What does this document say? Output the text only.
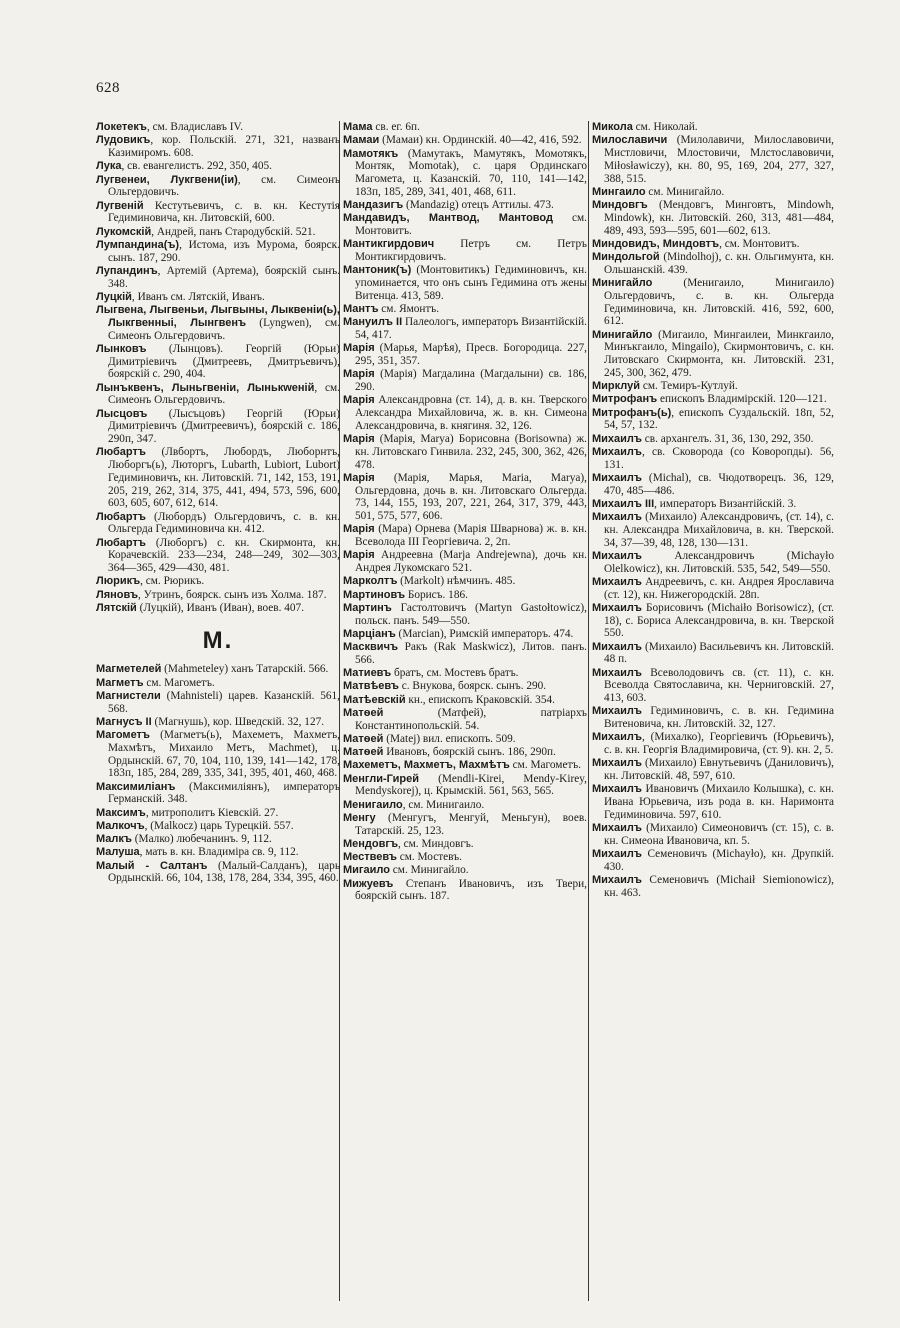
628
Локетекъ, см. Владиславъ IV.
Лудовикъ, кор. Польскій. 271, 321, названъ Казимиромъ. 608.
Лука, св. евангелистъ. 292, 350, 405.
Лугвенеи, Лукгвени(іи), см. Симеонъ Ольгердовичъ.
Лугвеній Кестутьевичъ, с. в. кн. Кестутія Гедиминовича, кн. Литовскій, 600.
Лукомскій, Андрей, панъ Стародубскій. 521.
Лумпандина(ъ), Истома, изъ Мурома, боярск. сынъ. 187, 290.
Лупандинъ, Артемій (Артема), боярскій сынъ. 348.
Луцкій, Иванъ см. Лятскій, Иванъ.
Лыгвена, Лыгвеньи, Лыгвыны, Лыквеніи(ь), Лыкгвенныі, Лынгвенъ (Lyngwen), см. Симеонъ Ольгердовичъ.
Лынковъ (Лынцовъ). Георгій (Юрьи) Димитріевичъ (Дмитреевъ, Дмитръевичъ), боярскій с. 290, 404.
Лынъквенъ, Лыньгвеніи, Лынькwеній, см. Симеонъ Ольгердовичъ.
Лысцовъ (Лысъцовъ) Георгій (Юрьи) Димитріевичъ (Дмитреевичъ), боярскій с. 186, 290п, 347.
Любартъ (Лвбортъ, Любордъ, Люборнтъ, Люборгъ(ь), Люторгъ, Lubarth, Lubiort, Lubort) Гедиминовичъ, кн. Литовскій. 71, 142, 153, 191, 205, 219, 262, 314, 375, 441, 494, 573, 596, 600, 603, 605, 607, 612, 614.
Любартъ (Любордъ) Ольгердовичъ, с. в. кн. Ольгерда Гедиминовича кн. 412.
Любартъ (Люборгъ) с. кн. Скирмонта, кн. Корачевскій. 233—234, 248—249, 302—303, 364—365, 429—430, 481.
Люрикъ, см. Рюрикъ.
Ляновъ, Утринъ, боярск. сынъ изъ Холма. 187.
Лятскій (Луцкій), Иванъ (Иван), воев. 407.
М.
Магметелей (Mahmeteley) ханъ Татарскій. 566.
Магметъ см. Магометъ.
Магнистели (Mahnisteli) царев. Казанскій. 561, 568.
Магнусъ II (Магнушь), кор. Шведскій. 32, 127.
Магометъ (Магметъ(ь), Махеметъ, Махметъ, Махмѣтъ, Михаило Метъ, Machmet), ц. Ордынскій. 67, 70, 104, 110, 139, 141—142, 178, 183п, 185, 284, 289, 335, 341, 395, 401, 460, 468.
Максимиліанъ (Максимиліянъ), императоръ Германскій. 348.
Максимъ, митрополитъ Кіевскій. 27.
Малкочъ, (Malkocz) царь Турецкій. 557.
Малкъ (Малко) любечанинъ. 9, 112.
Малуша, мать в. кн. Владиміра св. 9, 112.
Малый - Салтанъ (Малый-Салданъ), царь Ордынскій. 66, 104, 138, 178, 284, 334, 395, 460.
Мама св. ег. 6п.
Мамаи (Мамаи) кн. Ординскій. 40—42, 416, 592.
Мамотякъ (Мамутакъ, Мамутякъ, Момотякъ, Монтяк, Momotak), с. царя Ординскаго Магомета, ц. Казанскій. 70, 110, 141—142, 183п, 185, 289, 341, 401, 468, 611.
Мандазигъ (Mandazig) отецъ Аттилы. 473.
Мандавидъ, Мантвод, Мантовод см. Монтовитъ.
Мантикгирдович Петръ см. Петръ Монтикгирдовичъ.
Мантоник(ъ) (Монтовитикъ) Гедиминовичъ, кн. упоминается, что онъ сынъ Гедимина отъ жены Витенца. 413, 589.
Мантъ см. Ямонтъ.
Мануилъ II Палеологъ, императоръ Византійскій. 54, 417.
Марія (Марья, Марѣя), Пресв. Богородица. 227, 295, 351, 357.
Марія (Марія) Магдалина (Магдалыни) св. 186, 290.
Марія Александровна (ст. 14), д. в. кн. Тверского Александра Михайловича, ж. в. кн. Симеона Александровича, в. княгиня. 32, 126.
Марія (Марія, Marya) Борисовна (Borisowna) ж. кн. Литовскаго Гинвила. 232, 245, 300, 362, 426, 478.
Марія (Марія, Марья, Maria, Marya), Ольгердовна, дочь в. кн. Литовскаго Ольгерда. 73, 144, 155, 193, 207, 221, 264, 317, 379, 443, 501, 575, 577, 606.
Марія (Мара) Орнева (Марія Шварнова) ж. в. кн. Всеволода III Георгіевича. 2, 2п.
Марія Андреевна (Marja Andrejewna), дочь кн. Андрея Лукомскаго 521.
Марколтъ (Markolt) нѣмчинъ. 485.
Мартиновъ Борисъ. 186.
Мартинъ Гастолтовичъ (Martyn Gastołtowicz), польск. панъ. 549—550.
Марціанъ (Marcian), Римскій императоръ. 474.
Масквичъ Ракъ (Rak Maskwicz), Литов. панъ. 566.
Матиевъ братъ, см. Мостевъ братъ.
Матвѣевъ с. Внукова, боярск. сынъ. 290.
Матѣевскій кн., епископъ Краковскій. 354.
Матѳей (Матфей), патріархъ Константинопольскій. 54.
Матѳей (Matej) вил. епископъ. 509.
Матѳей Ивановъ, боярскій сынъ. 186, 290п.
Махеметъ, Махметъ, Махмѣтъ см. Магометъ.
Менгли-Гирей (Mendli-Kirei, Mendy-Kirey, Mendyskorej), ц. Крымскій. 561, 563, 565.
Менигаило, см. Минигаило.
Менгу (Менгугъ, Менгуй, Меньгун), воев. Татарскій. 25, 123.
Мендовгъ, см. Миндовгъ.
Мествевъ см. Мостевъ.
Мигаило см. Минигайло.
Мижуевъ Степанъ Ивановичъ, изъ Твери, боярскій сынъ. 187.
Микола см. Николай.
Милославичи (Милолавичи, Милославовичи, Мистловичи, Млостовичи, Млстославовичи, Miłosławiczy), кн. 80, 95, 169, 204, 277, 327, 388, 515.
Мингаило см. Минигайло.
Миндовгъ (Мендовгъ, Минговтъ, Mindowh, Mindowk), кн. Литовскій. 260, 313, 481—484, 489, 493, 593—595, 601—602, 613.
Миндовидъ, Миндовтъ, см. Монтовитъ.
Миндольгой (Mindolhoj), с. кн. Ольгимунта, кн. Ольшанскій. 439.
Минигайло (Менигаило, Минигаило) Ольгердовичъ, с. в. кн. Ольгерда Гедиминовича, кн. Литовскій. 416, 592, 600, 612.
Минигайло (Мигаило, Мингаилеи, Минкгаило, Минъкгаило, Mingailo), Скирмонтовичъ, с. кн. Литовскаго Скирмонта, кн. Литовскій. 231, 245, 300, 362, 479.
Мирклуй см. Темиръ-Кутлуй.
Митрофанъ епископъ Владимірскій. 120—121.
Митрофанъ(ь), епископъ Суздальскій. 18п, 52, 54, 57, 132.
Михаилъ св. архангелъ. 31, 36, 130, 292, 350.
Михаилъ, св. Сковорода (со Коворопды). 56, 131.
Михаилъ (Michal), св. Чюдотворецъ. 36, 129, 470, 485—486.
Михаилъ III, императоръ Византійскій. 3.
Михаилъ (Михаило) Александровичъ, (ст. 14), с. кн. Александра Михайловича, в. кн. Тверской. 34, 37—39, 48, 128, 130—131.
Михаилъ Александровичъ (Michayło Olelkowicz), кн. Литовскій. 535, 542, 549—550.
Михаилъ Андреевичъ, с. кн. Андрея Ярославича (ст. 12), кн. Нижегородскій. 28п.
Михаилъ Борисовичъ (Michaiło Borisowicz), (ст. 18), с. Бориса Александровича, в. кн. Тверской 550.
Михаилъ (Михаило) Васильевичъ кн. Литовскій. 48 п.
Михаилъ Всеволодовичъ св. (ст. 11), с. кн. Всеволда Святославича, кн. Черниговскій. 27, 413, 603.
Михаилъ Гедиминовичъ, с. в. кн. Гедимина Витеновича, кн. Литовскій. 32, 127.
Михаилъ, (Михалко), Георгіевичъ (Юрьевичъ), с. в. кн. Георгія Владимировича, (ст. 9). кн. 2, 5.
Михаилъ (Михаило) Евнутьевичъ (Даниловичъ), кн. Литовскій. 48, 597, 610.
Михаилъ Ивановичъ (Михаило Колышка), с. кн. Ивана Юрьевича, изъ рода в. кн. Наримонта Гедиминовича. 597, 610.
Михаилъ (Михаило) Симеоновичъ (ст. 15), с. в. кн. Симеона Ивановича, кп. 5.
Михаилъ Семеновичъ (Michayło), кн. Друпкій. 430.
Михаилъ Семеновичъ (Michaił Siemionowicz), кн. 463.
